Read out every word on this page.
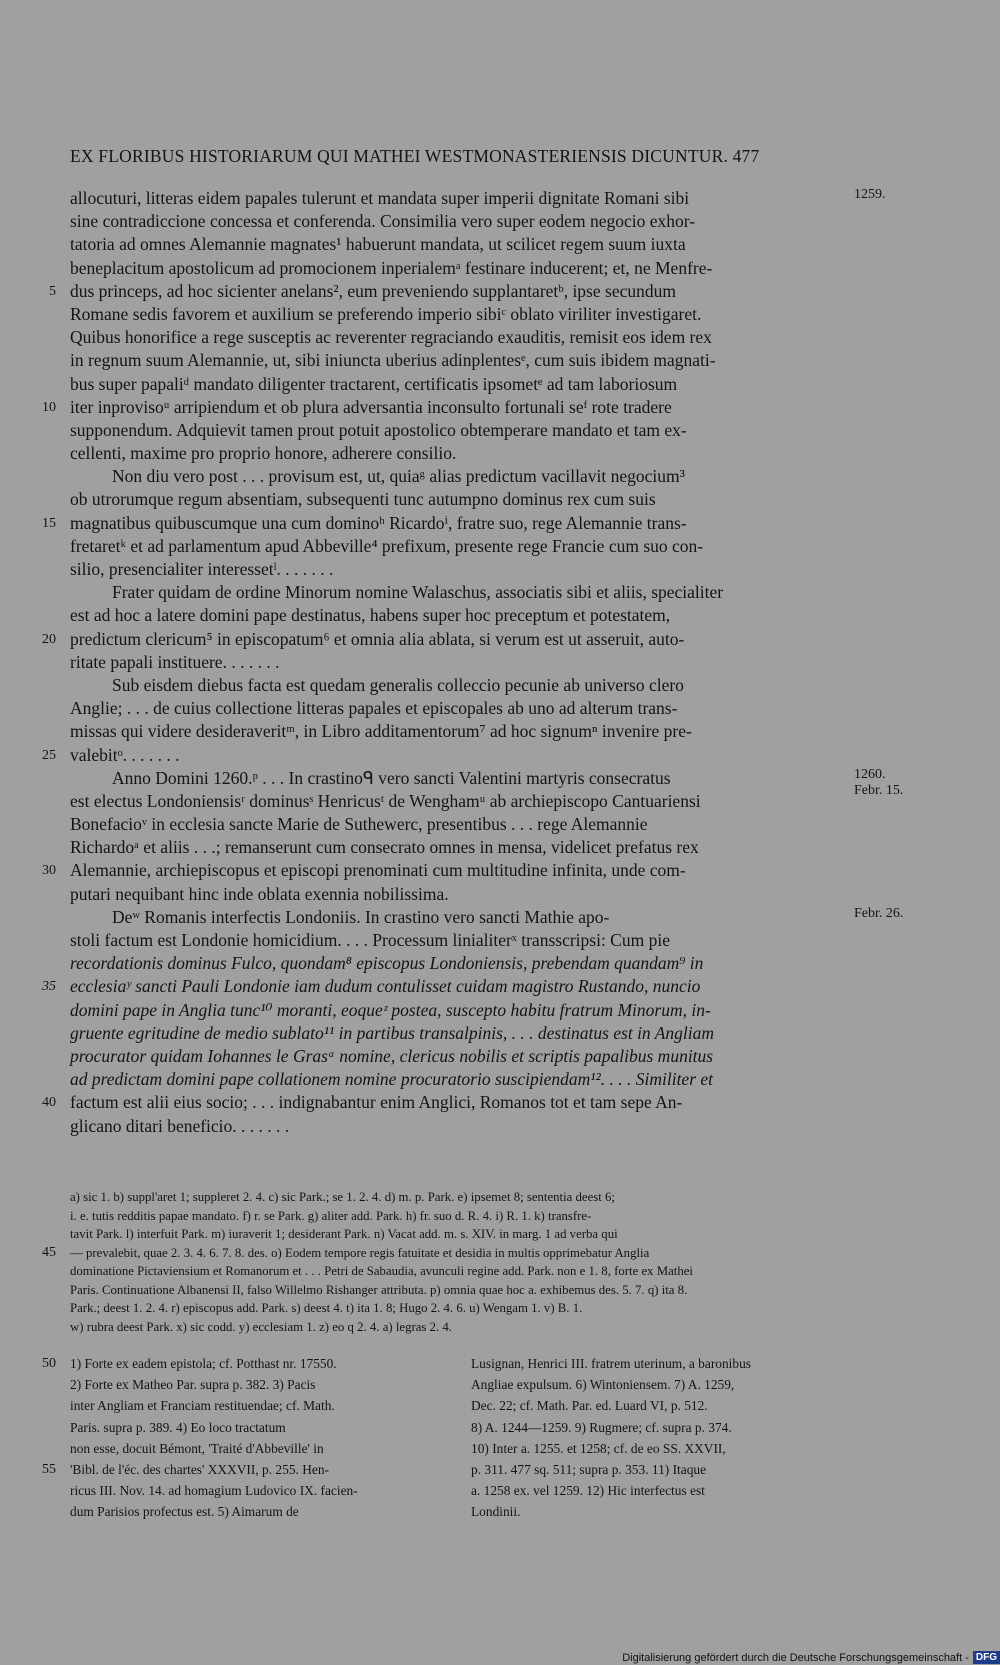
EX FLORIBUS HISTORIARUM QUI MATHEI WESTMONASTERIENSIS DICUNTUR. 477
allocuturi, litteras eidem papales tulerunt et mandata super imperii dignitate Romani sibi	1259.
sine contradiccione concessa et conferenda. Consimilia vero super eodem negocio exhor-
tatoria ad omnes Alemannie magnates¹ habuerunt mandata, ut scilicet regem suum iuxta
beneplacitum apostolicum ad promocionem inperialemᵃ festinare inducerent; et, ne Menfre-
5 dus princeps, ad hoc sicienter anelans², eum preveniendo supplantaretᵇ, ipse secundum
Romane sedis favorem et auxilium se preferendo imperio sibiᶜ oblato viriliter investigaret.
Quibus honorifice a rege susceptis ac reverenter regraciando exauditis, remisit eos idem rex
in regnum suum Alemannie, ut, sibi iniuncta uberius adinplentesᵉ, cum suis ibidem magnati-
bus super papaliᵈ mandato diligenter tractarent, certificatis ipsometᵉ ad tam laboriosum
10 iter inprovisoᵘ arripiendum et ob plura adversantia inconsulto fortunali seᶠ rote tradere
supponendum. Adquievit tamen prout potuit apostolico obtemperare mandato et tam ex-
cellenti, maxime pro proprio honore, adherere consilio.
Non diu vero post . . . provisum est, ut, quiaᵍ alias predictum vacillavit negocium³
ob utrorumque regum absentiam, subsequenti tunc autumpno dominus rex cum suis
15 magnatibus quibuscumque una cum dominoʰ Ricardoⁱ, fratre suo, rege Alemannie trans-
fretaretᵏ et ad parlamentum apud Abbeville⁴ prefixum, presente rege Francie cum suo con-
silio, presencialiter interessetˡ. . . . . . .
Frater quidam de ordine Minorum nomine Walaschus, associatis sibi et aliis, specialiter
est ad hoc a latere domini pape destinatus, habens super hoc preceptum et potestatem,
20 predictum clericum⁵ in episcopatum⁶ et omnia alia ablata, si verum est ut asseruit, auto-
ritate papali instituere. . . . . . .
Sub eisdem diebus facta est quedam generalis colleccio pecunie ab universo clero
Anglie; . . . de cuius collectione litteras papales et episcopales ab uno ad alterum trans-
missas qui videre desideraveritᵐ, in Libro additamentorum⁷ ad hoc signumⁿ invenire pre-
25 valebitᵒ. . . . . . .
Anno Domini 1260.ᵖ . . . In crastinoᑫ vero sancti Valentini martyris consecratus	1260.
Febr. 15.
est electus Londoniensisʳ dominusˢ Henricusᵗ de Wenghamᵘ ab archiepiscopo Cantuariensi
Bonefacioᵛ in ecclesia sancte Marie de Suthewerc, presentibus . . . rege Alemannie
Richardoᵃ et aliis . . .; remanserunt cum consecrato omnes in mensa, videlicet prefatus rex
30 Alemannie, archiepiscopus et episcopi prenominati cum multitudine infinita, unde com-
putari nequibant hinc inde oblata exennia nobilissima.
Deʷ Romanis interfectis Londoniis. In crastino vero sancti Mathie apo-	Febr. 26.
stoli factum est Londonie homicidium. . . . Processum linialiterˣ transscripsi: Cum pie
recordationis dominus Fulco, quondam⁸ episcopus Londoniensis, prebendam quandam⁹ in
35 ecclesiaʸ sancti Pauli Londonie iam dudum contulisset cuidam magistro Rustando, nuncio
domini pape in Anglia tunc¹⁰ moranti, eoqueᶻ postea, suscepto habitu fratrum Minorum, in-
gruente egritudine de medio sublato¹¹ in partibus transalpinis, . . . destinatus est in Angliam
procurator quidam Iohannes le Grasᵃ nomine, clericus nobilis et scriptis papalibus munitus
ad predictam domini pape collationem nomine procuratorio suscipiendam¹². . . . Similiter et
40 factum est alii eius socio; . . . indignabantur enim Anglici, Romanos tot et tam sepe An-
glicano ditari beneficio. . . . . . .
a) sic 1. b) suppl'aret 1; suppleret 2. 4. c) sic Park.; se 1. 2. 4. d) m. p. Park. e) ipsemet 8; sententia deest 6;
i. e. tutis redditis papae mandato. f) r. se Park. g) aliter add. Park. h) fr. suo d. R. 4. i) R. 1. k) transfre-
tavit Park. l) interfuit Park. m) iuraverit 1; desiderant Park. n) Vacat add. m. s. XIV. in marg. 1 ad verba qui
45 — prevalebit, quae 2. 3. 4. 6. 7. 8. des. o) Eodem tempore regis fatuitate et desidia in multis opprimebatur Anglia
dominatione Pictaviensium et Romanorum et . . . Petri de Sabaudia, avunculi regine add. Park. non e 1. 8, forte ex Mathei
Paris. Continuatione Albanensi II, falso Willelmo Rishanger attributa. p) omnia quae hoc a. exhibemus des. 5. 7. q) ita 8.
Park.; deest 1. 2. 4. r) episcopus add. Park. s) deest 4. t) ita 1. 8; Hugo 2. 4. 6. u) Wengam 1. v) B. 1.
w) rubra deest Park. x) sic codd. y) ecclesiam 1. z) eo q 2. 4. a) legras 2. 4.
50 1) Forte ex eadem epistola; cf. Potthast nr. 17550.
2) Forte ex Matheo Par. supra p. 382. 3) Pacis
inter Angliam et Franciam restituendae; cf. Math.
Paris. supra p. 389. 4) Eo loco tractatum
non esse, docuit Bémont, 'Traité d'Abbeville' in
55 'Bibl. de l'éc. des chartes' XXXVII, p. 255. Hen-
ricus III. Nov. 14. ad homagium Ludovico IX. facien-
dum Parisios profectus est. 5) Aimarum de
Lusignan, Henrici III. fratrem uterinum, a baronibus
Angliae expulsum. 6) Wintoniensem. 7) A. 1259,
Dec. 22; cf. Math. Par. ed. Luard VI, p. 512.
8) A. 1244—1259. 9) Rugmere; cf. supra p. 374.
10) Inter a. 1255. et 1258; cf. de eo SS. XXVII,
p. 311. 477 sq. 511; supra p. 353. 11) Itaque
a. 1258 ex. vel 1259. 12) Hic interfectus est
Londinii.
Digitalisierung gefördert durch die Deutsche Forschungsgemeinschaft - DFG
